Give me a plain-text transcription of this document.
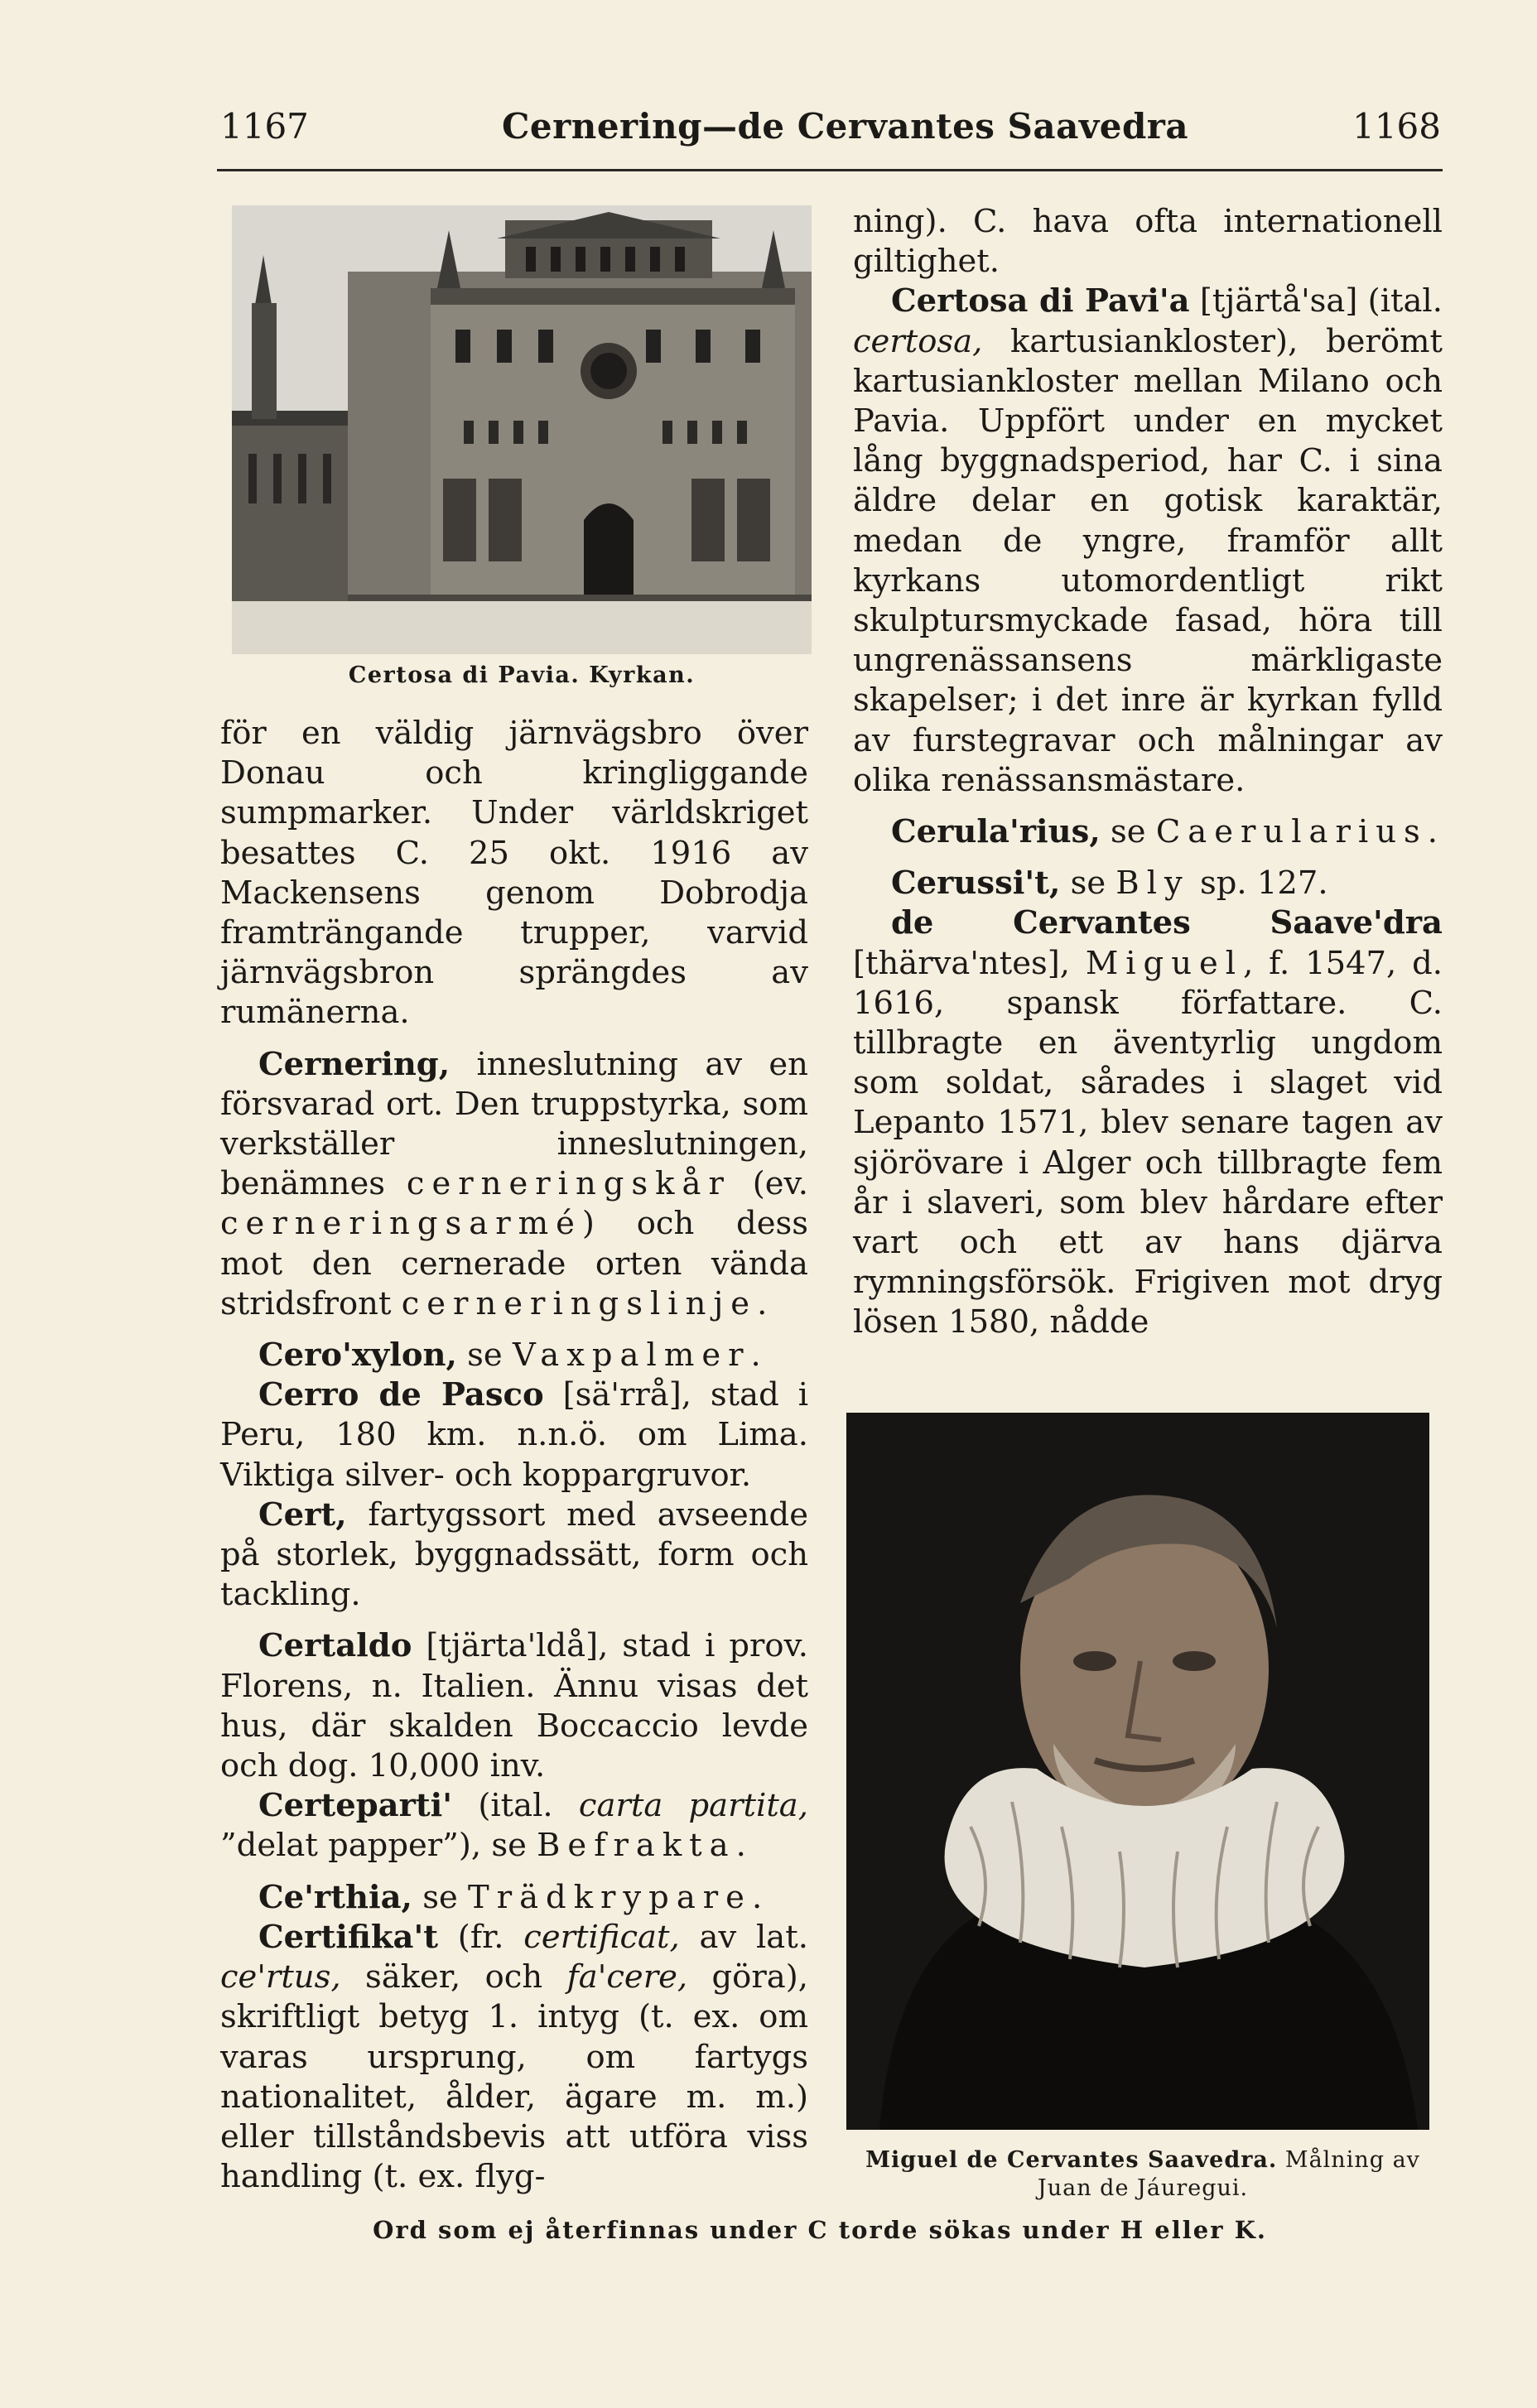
1167	Cernering—de Cervantes Saavedra	1168
Certosa di Pavia. Kyrkan.

för en väldig järnvägsbro över Donau och kringliggande sumpmarker. Under världskriget besattes C. 25 okt. 1916 av Mackensens genom Dobrodja framträngande trupper, varvid järnvägsbron sprängdes av rumänerna.

Cernering, inneslutning av en försvarad ort. Den truppstyrka, som verkställer inneslutningen, benämnes cerneringskår (ev. cerneringsarmé) och dess mot den cernerade orten vända stridsfront cerneringslinje.

Cero'xylon, se Vaxpalmer.

Cerro de Pasco [sä'rrå], stad i Peru, 180 km. n.n.ö. om Lima. Viktiga silver- och koppargruvor.

Cert, fartygssort med avseende på storlek, byggnadssätt, form och tackling.

Certaldo [tjärta'ldå], stad i prov. Florens, n. Italien. Ännu visas det hus, där skalden Boccaccio levde och dog. 10,000 inv.

Certeparti' (ital. carta partita, ”delat papper”), se Befrakta.

Ce'rthia, se Trädkrypare.

Certifika't (fr. certificat, av lat. ce'rtus, säker, och fa'cere, göra), skriftligt betyg 1. intyg (t. ex. om varas ursprung, om fartygs nationalitet, ålder, ägare m. m.) eller tillståndsbevis att utföra viss handling (t. ex. flyg-

ning). C. hava ofta internationell giltighet.

Certosa di Pavi'a [tjärtå'sa] (ital. certosa, kartusiankloster), berömt kartusiankloster mellan Milano och Pavia. Uppfört under en mycket lång byggnadsperiod, har C. i sina äldre delar en gotisk karaktär, medan de yngre, framför allt kyrkans utomordentligt rikt skulptursmyckade fasad, höra till ungrenässansens märkligaste skapelser; i det inre är kyrkan fylld av furstegravar och målningar av olika renässansmästare.

Cerula'rius, se Caerularius.

Cerussi't, se Bly sp. 127.

de Cervantes Saave'dra [thärva'ntes], Miguel, f. 1547, d. 1616, spansk författare. C. tillbragte en äventyrlig ungdom som soldat, sårades i slaget vid Lepanto 1571, blev senare tagen av sjörövare i Alger och tillbragte fem år i slaveri, som blev hårdare efter vart och ett av hans djärva rymningsförsök. Frigiven mot dryg lösen 1580, nådde

Miguel de Cervantes Saavedra. Målning av Juan de Jáuregui.
Ord som ej återfinnas under C torde sökas under H eller K.
